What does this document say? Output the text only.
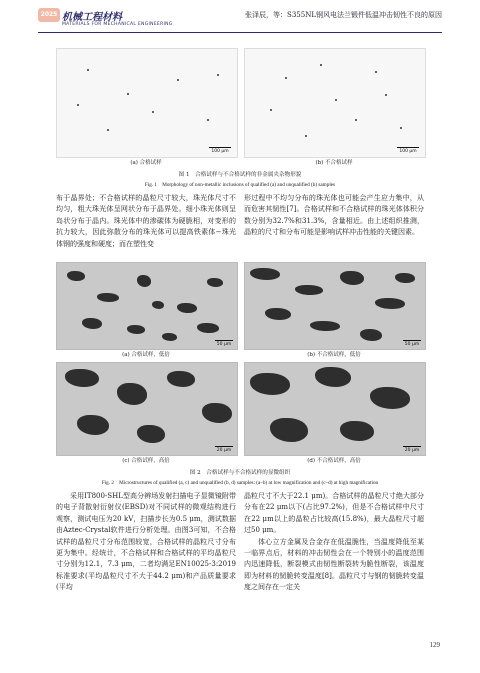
2025 机械工程材料
MATERIALS FOR MECHANICAL ENGINEERING
张泽辰，等：S355NL钢风电法兰锻件低温冲击韧性不良的原因
100 μm	100 μm
(a) 合格试样	(b) 不合格试样
图 1　合格试样与不合格试样的非金属夹杂物形貌
Fig. 1　Morphology of non-metallic inclusions of qualified (a) and unqualified (b) samples

布于晶界处；不合格试样的晶粒尺寸较大，珠光体尺寸不均匀，粗大珠光体呈网状分布于晶界处。细小珠光体则呈岛状分布于晶内。珠光体中的渗碳体为硬脆相，对变形的抗力较大，因此弥散分布的珠光体可以提高铁素体−珠光体钢的强度和硬度；而在塑性变

形过程中不均匀分布的珠光体也可能会产生应力集中，从而危害其韧性[7]。合格试样和不合格试样的珠光体体积分数分别为32.7%和31.3%，含量相近。由上述组织推测，晶粒的尺寸和分布可能是影响试样冲击性能的关键因素。

50 μm	50 μm
(a) 合格试样，低倍	(b) 不合格试样，低倍
20 μm	20 μm
(c) 合格试样，高倍	(d) 不合格试样，高倍
图 2　合格试样与不合格试样的显微组织
Fig. 2　Microstructures of qualified (a, c) and unqualified (b, d) samples: (a–b) at low magnification and (c–d) at high magnification

采用IT800-SHL型高分辨场发射扫描电子显微镜附带的电子背散射衍射仪(EBSD)对不同试样的微观结构进行观察，测试电压为20 kV，扫描步长为0.5 μm，测试数据由Aztec-Crystal软件进行分析处理。由图3可知，不合格试样的晶粒尺寸分布范围较宽，合格试样的晶粒尺寸分布更为集中。经统计，不合格试样和合格试样的平均晶粒尺寸分别为12.1，7.3 μm，二者均满足EN10025-3:2019标准要求(平均晶粒尺寸不大于44.2 μm)和产品质量要求(平均

晶粒尺寸不大于22.1 μm)。合格试样的晶粒尺寸绝大部分分布在22 μm以下(占比97.2%)，但是不合格试样中尺寸在22 μm以上的晶粒占比较高(15.8%)，最大晶粒尺寸超过50 μm。

体心立方金属及合金存在低温脆性，当温度降低至某一临界点后，材料的冲击韧性会在一个特别小的温度范围内迅速降低，断裂模式由韧性断裂转为脆性断裂，该温度即为材料的韧脆转变温度[8]。晶粒尺寸与钢的韧脆转变温度之间存在一定关

129
